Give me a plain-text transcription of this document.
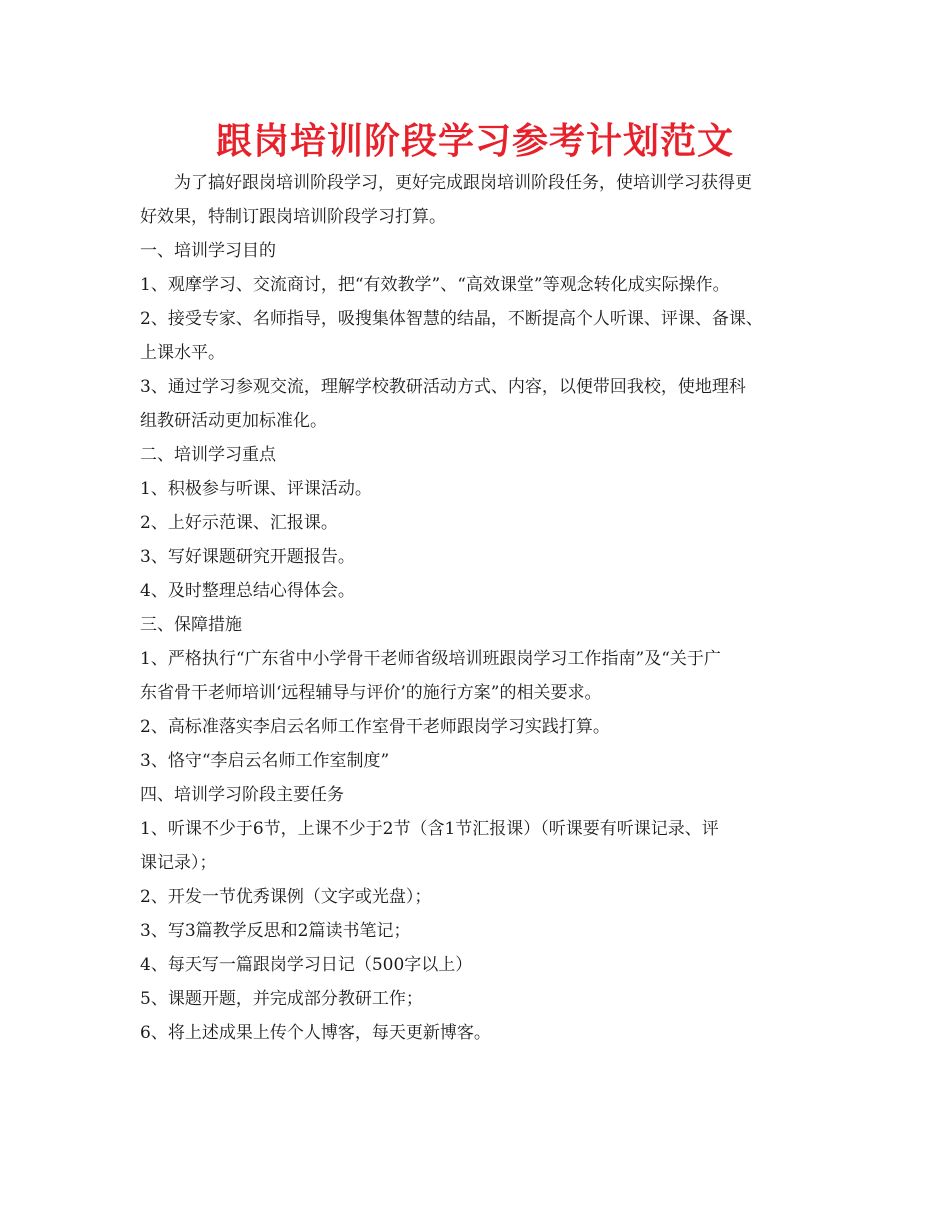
跟岗培训阶段学习参考计划范文

为了搞好跟岗培训阶段学习，更好完成跟岗培训阶段任务，使培训学习获得更

好效果，特制订跟岗培训阶段学习打算。

一、培训学习目的

1、观摩学习、交流商讨，把“有效教学”、“高效课堂”等观念转化成实际操作。

2、接受专家、名师指导，吸搜集体智慧的结晶，不断提高个人听课、评课、备课、

上课水平。

3、通过学习参观交流，理解学校教研活动方式、内容，以便带回我校，使地理科

组教研活动更加标准化。

二、培训学习重点

1、积极参与听课、评课活动。

2、上好示范课、汇报课。

3、写好课题研究开题报告。

4、及时整理总结心得体会。

三、保障措施

1、严格执行“广东省中小学骨干老师省级培训班跟岗学习工作指南”及“关于广

东省骨干老师培训‘远程辅导与评价’的施行方案”的相关要求。

2、高标准落实李启云名师工作室骨干老师跟岗学习实践打算。

3、恪守“李启云名师工作室制度”

四、培训学习阶段主要任务

1、听课不少于6节，上课不少于2节（含1节汇报课）（听课要有听课记录、评

课记录）；

2、开发一节优秀课例（文字或光盘）；

3、写3篇教学反思和2篇读书笔记；

4、每天写一篇跟岗学习日记（500字以上）

5、课题开题，并完成部分教研工作；

6、将上述成果上传个人博客，每天更新博客。
